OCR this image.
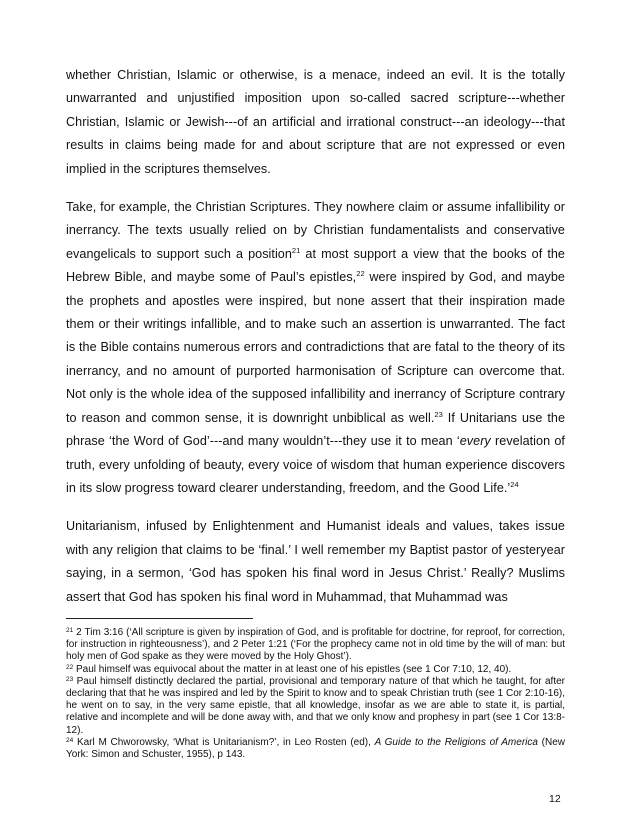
whether Christian, Islamic or otherwise, is a menace, indeed an evil. It is the totally unwarranted and unjustified imposition upon so-called sacred scripture---whether Christian, Islamic or Jewish---of an artificial and irrational construct---an ideology---that results in claims being made for and about scripture that are not expressed or even implied in the scriptures themselves.

Take, for example, the Christian Scriptures. They nowhere claim or assume infallibility or inerrancy. The texts usually relied on by Christian fundamentalists and conservative evangelicals to support such a position$^{21}$ at most support a view that the books of the Hebrew Bible, and maybe some of Paul’s epistles,$^{22}$ were inspired by God, and maybe the prophets and apostles were inspired, but none assert that their inspiration made them or their writings infallible, and to make such an assertion is unwarranted. The fact is the Bible contains numerous errors and contradictions that are fatal to the theory of its inerrancy, and no amount of purported harmonisation of Scripture can overcome that. Not only is the whole idea of the supposed infallibility and inerrancy of Scripture contrary to reason and common sense, it is downright unbiblical as well.$^{23}$ If Unitarians use the phrase ‘the Word of God’---and many wouldn’t---they use it to mean ‘every revelation of truth, every unfolding of beauty, every voice of wisdom that human experience discovers in its slow progress toward clearer understanding, freedom, and the Good Life.’$^{24}$

Unitarianism, infused by Enlightenment and Humanist ideals and values, takes issue with any religion that claims to be ‘final.’ I well remember my Baptist pastor of yesteryear saying, in a sermon, ‘God has spoken his final word in Jesus Christ.’ Really? Muslims assert that God has spoken his final word in Muhammad, that Muhammad was

$^{21}$ 2 Tim 3:16 (‘All scripture is given by inspiration of God, and is profitable for doctrine, for reproof, for correction, for instruction in righteousness’), and 2 Peter 1:21 (‘For the prophecy came not in old time by the will of man: but holy men of God spake as they were moved by the Holy Ghost’).

$^{22}$ Paul himself was equivocal about the matter in at least one of his epistles (see 1 Cor 7:10, 12, 40).

$^{23}$ Paul himself distinctly declared the partial, provisional and temporary nature of that which he taught, for after declaring that that he was inspired and led by the Spirit to know and to speak Christian truth (see 1 Cor 2:10-16), he went on to say, in the very same epistle, that all knowledge, insofar as we are able to state it, is partial, relative and incomplete and will be done away with, and that we only know and prophesy in part (see 1 Cor 13:8-12).

$^{24}$ Karl M Chworowsky, ‘What is Unitarianism?’, in Leo Rosten (ed), A Guide to the Religions of America (New York: Simon and Schuster, 1955), p 143.

12
